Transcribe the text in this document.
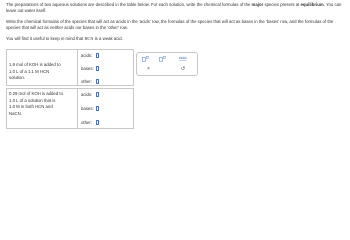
The preparations of two aqueous solutions are described in the table below. For each solution, write the chemical formulas of the major species present at equilibrium. You can leave out water itself.

Write the chemical formulas of the species that will act as acids in the 'acids' row, the formulas of the species that will act as bases in the 'bases' row, and the formulas of the species that will act as neither acids nor bases in the 'other' row.

You will find it useful to keep in mind that HCN is a weak acid.

1.9 mol of KOH is added to
1.0 L of a 1.1 M HCN
solution.
acids:
bases:
other:
0.29 mol of KOH is added to
1.0 L of a solution that is
1.0 M in both HCN and
NaCN.
acids:
bases:
other:
×	↺
